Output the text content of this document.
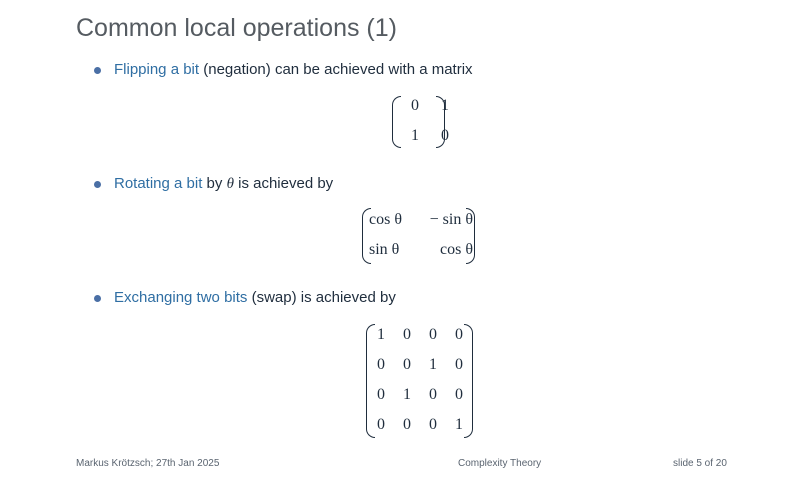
Common local operations (1)
Flipping a bit (negation) can be achieved with a matrix
0	1
1	0
Rotating a bit by θ is achieved by
cos θ	− sin θ
sin θ	cos θ
Exchanging two bits (swap) is achieved by
1	0	0	0
0	0	1	0
0	1	0	0
0	0	0	1
Markus Krötzsch; 27th Jan 2025	Complexity Theory	slide 5 of 20
